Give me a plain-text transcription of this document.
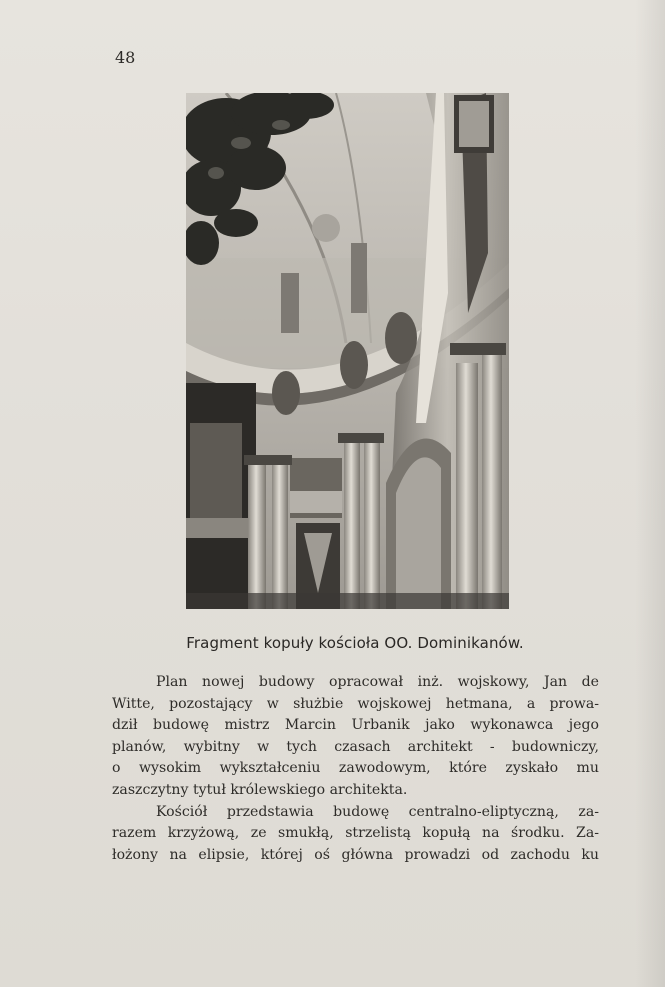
48
Fragment kopuły kościoła OO. Dominikanów.
Plan nowej budowy opracował inż. wojskowy, Jan de
Witte, pozostający w służbie wojskowej hetmana, a prowa-
dził budowę mistrz Marcin Urbanik jako wykonawca jego
planów, wybitny w tych czasach architekt - budowniczy,
o wysokim wykształceniu zawodowym, które zyskało mu
zaszczytny tytuł królewskiego architekta.
Kościół przedstawia budowę centralno-eliptyczną, za-
razem krzyżową, ze smukłą, strzelistą kopułą na środku. Za-
łożony na elipsie, której oś główna prowadzi od zachodu ku
